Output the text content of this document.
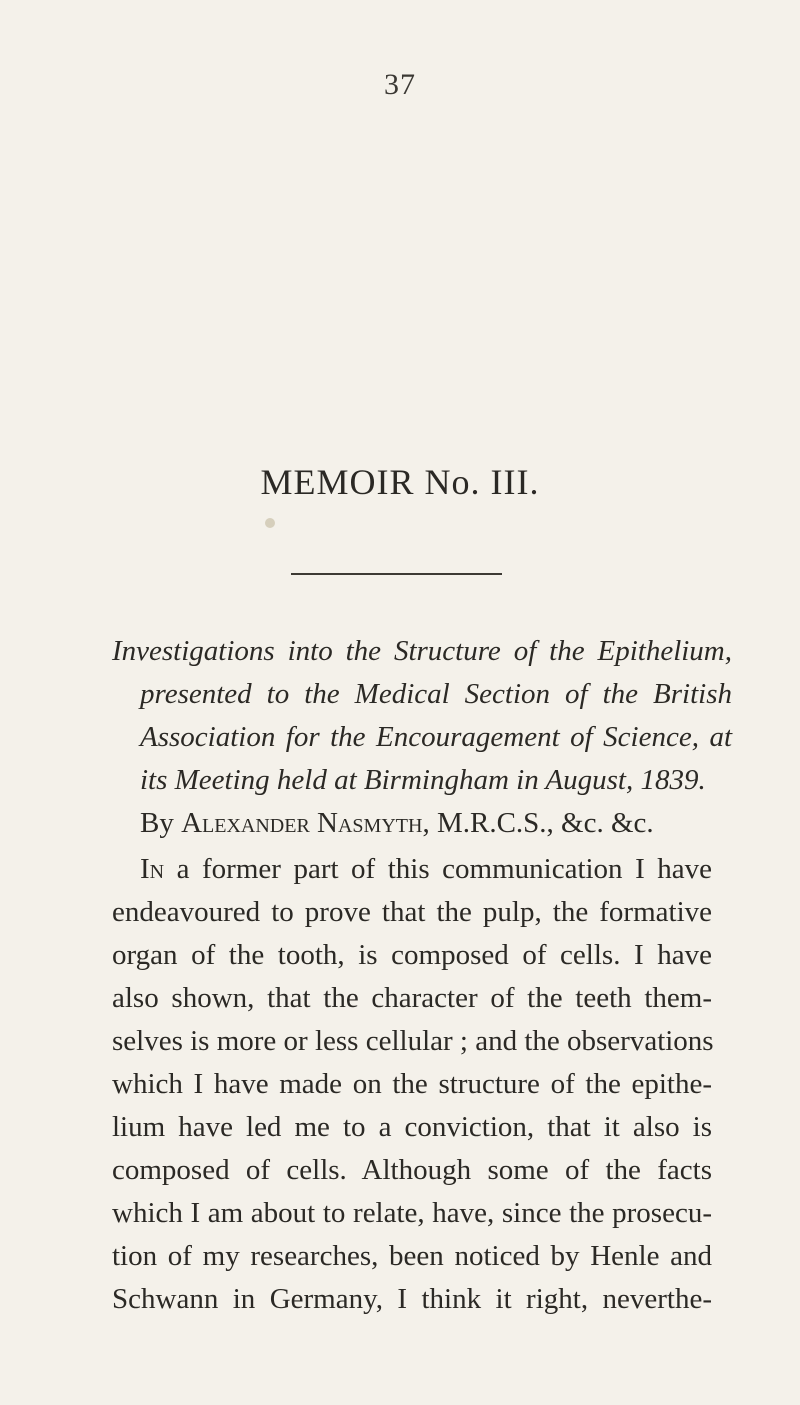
37
MEMOIR No. III.
Investigations into the Structure of the Epithelium,
presented to the Medical Section of the British
Association for the Encouragement of Science, at
its Meeting held at Birmingham in August, 1839.
By Alexander Nasmyth, M.R.C.S., &c. &c.
In a former part of this communication I have
endeavoured to prove that the pulp, the formative
organ of the tooth, is composed of cells. I have
also shown, that the character of the teeth them-
selves is more or less cellular ; and the observations
which I have made on the structure of the epithe-
lium have led me to a conviction, that it also is
composed of cells. Although some of the facts
which I am about to relate, have, since the prosecu-
tion of my researches, been noticed by Henle and
Schwann in Germany, I think it right, neverthe-
